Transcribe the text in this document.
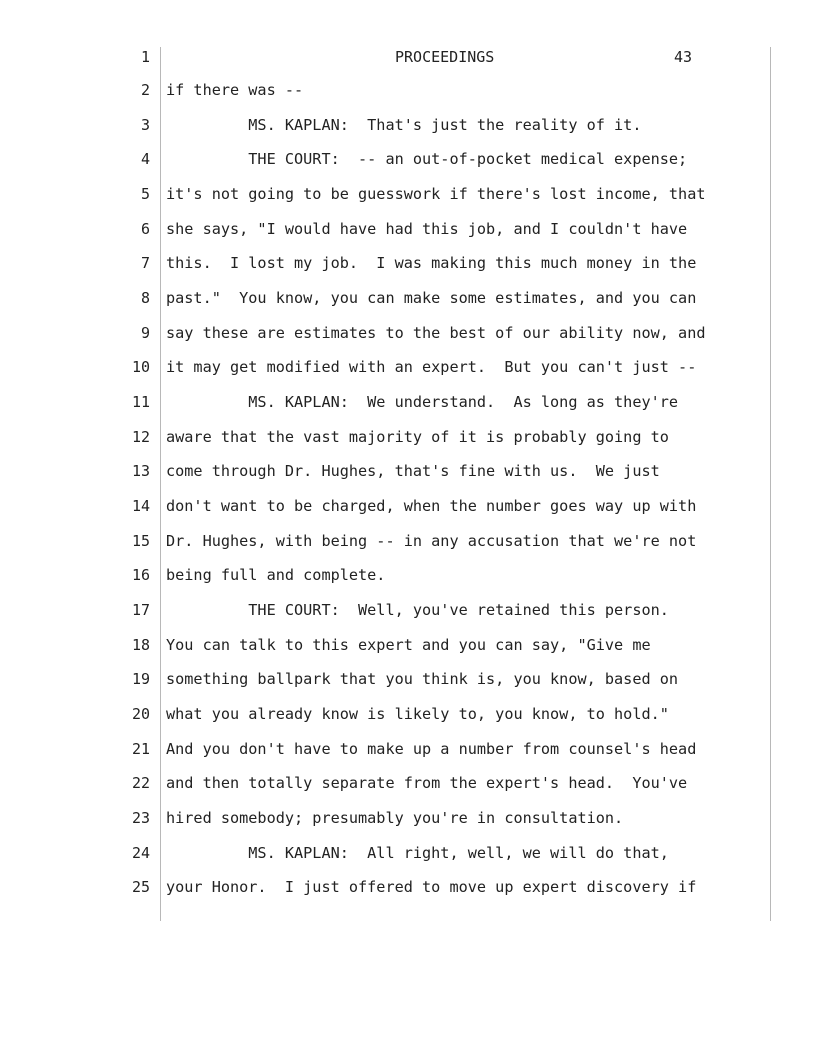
1	PROCEEDINGS	43
2 if there was --
3 MS. KAPLAN:  That's just the reality of it.
4 THE COURT:  -- an out-of-pocket medical expense;
5 it's not going to be guesswork if there's lost income, that
6 she says, "I would have had this job, and I couldn't have
7 this.  I lost my job.  I was making this much money in the
8 past."  You know, you can make some estimates, and you can
9 say these are estimates to the best of our ability now, and
10 it may get modified with an expert.  But you can't just --
11 MS. KAPLAN:  We understand.  As long as they're
12 aware that the vast majority of it is probably going to
13 come through Dr. Hughes, that's fine with us.  We just
14 don't want to be charged, when the number goes way up with
15 Dr. Hughes, with being -- in any accusation that we're not
16 being full and complete.
17 THE COURT:  Well, you've retained this person.
18 You can talk to this expert and you can say, "Give me
19 something ballpark that you think is, you know, based on
20 what you already know is likely to, you know, to hold."
21 And you don't have to make up a number from counsel's head
22 and then totally separate from the expert's head.  You've
23 hired somebody; presumably you're in consultation.
24 MS. KAPLAN:  All right, well, we will do that,
25 your Honor.  I just offered to move up expert discovery if
